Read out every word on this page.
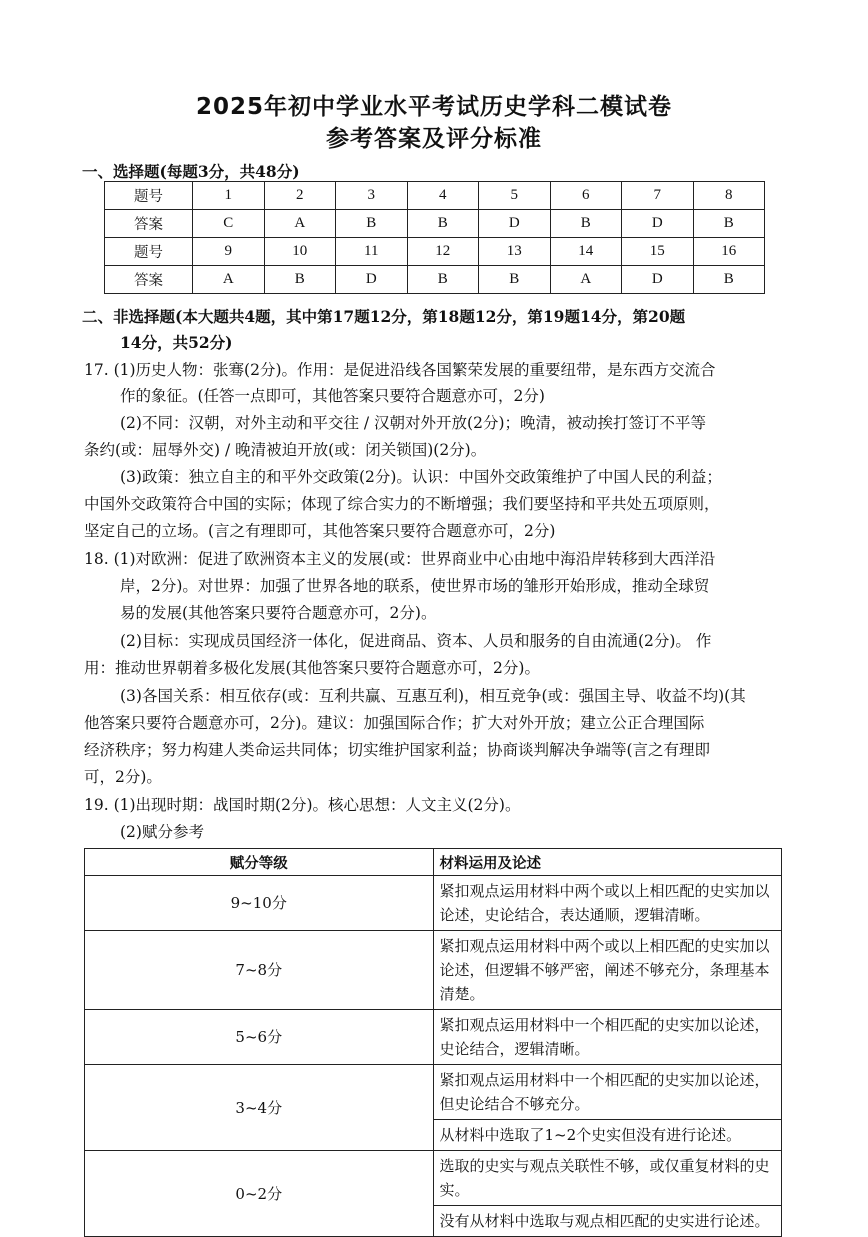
2025年初中学业水平考试历史学科二模试卷
参考答案及评分标准
一、选择题(每题3分，共48分)
题号	1	2	3	4	5	6	7	8
答案	C	A	B	B	D	B	D	B
题号	9	10	11	12	13	14	15	16
答案	A	B	D	B	B	A	D	B
二、非选择题(本大题共4题，其中第17题12分，第18题12分，第19题14分，第20题
14分，共52分)
17. (1)历史人物：张骞(2分)。作用：是促进沿线各国繁荣发展的重要纽带，是东西方交流合
作的象征。(任答一点即可，其他答案只要符合题意亦可，2分)
(2)不同：汉朝，对外主动和平交往 / 汉朝对外开放(2分)；晚清，被动挨打签订不平等
条约(或：屈辱外交) / 晚清被迫开放(或：闭关锁国)(2分)。
(3)政策：独立自主的和平外交政策(2分)。认识：中国外交政策维护了中国人民的利益；
中国外交政策符合中国的实际；体现了综合实力的不断增强；我们要坚持和平共处五项原则，
坚定自己的立场。(言之有理即可，其他答案只要符合题意亦可，2分)
18. (1)对欧洲：促进了欧洲资本主义的发展(或：世界商业中心由地中海沿岸转移到大西洋沿
岸，2分)。对世界：加强了世界各地的联系，使世界市场的雏形开始形成，推动全球贸
易的发展(其他答案只要符合题意亦可，2分)。
(2)目标：实现成员国经济一体化，促进商品、资本、人员和服务的自由流通(2分)。 作
用：推动世界朝着多极化发展(其他答案只要符合题意亦可，2分)。
(3)各国关系：相互依存(或：互利共赢、互惠互利)，相互竞争(或：强国主导、收益不均)(其
他答案只要符合题意亦可，2分)。建议：加强国际合作；扩大对外开放；建立公正合理国际
经济秩序；努力构建人类命运共同体；切实维护国家利益；协商谈判解决争端等(言之有理即
可，2分)。
19. (1)出现时期：战国时期(2分)。核心思想：人文主义(2分)。
(2)赋分参考
赋分等级	材料运用及论述
9~10分	紧扣观点运用材料中两个或以上相匹配的史实加以论述，史论结合，表达通顺，逻辑清晰。
7~8分	紧扣观点运用材料中两个或以上相匹配的史实加以论述，但逻辑不够严密，阐述不够充分，条理基本清楚。
5~6分	紧扣观点运用材料中一个相匹配的史实加以论述，史论结合，逻辑清晰。
3~4分	紧扣观点运用材料中一个相匹配的史实加以论述，但史论结合不够充分。
	从材料中选取了1~2个史实但没有进行论述。
0~2分	选取的史实与观点关联性不够，或仅重复材料的史实。
	没有从材料中选取与观点相匹配的史实进行论述。
